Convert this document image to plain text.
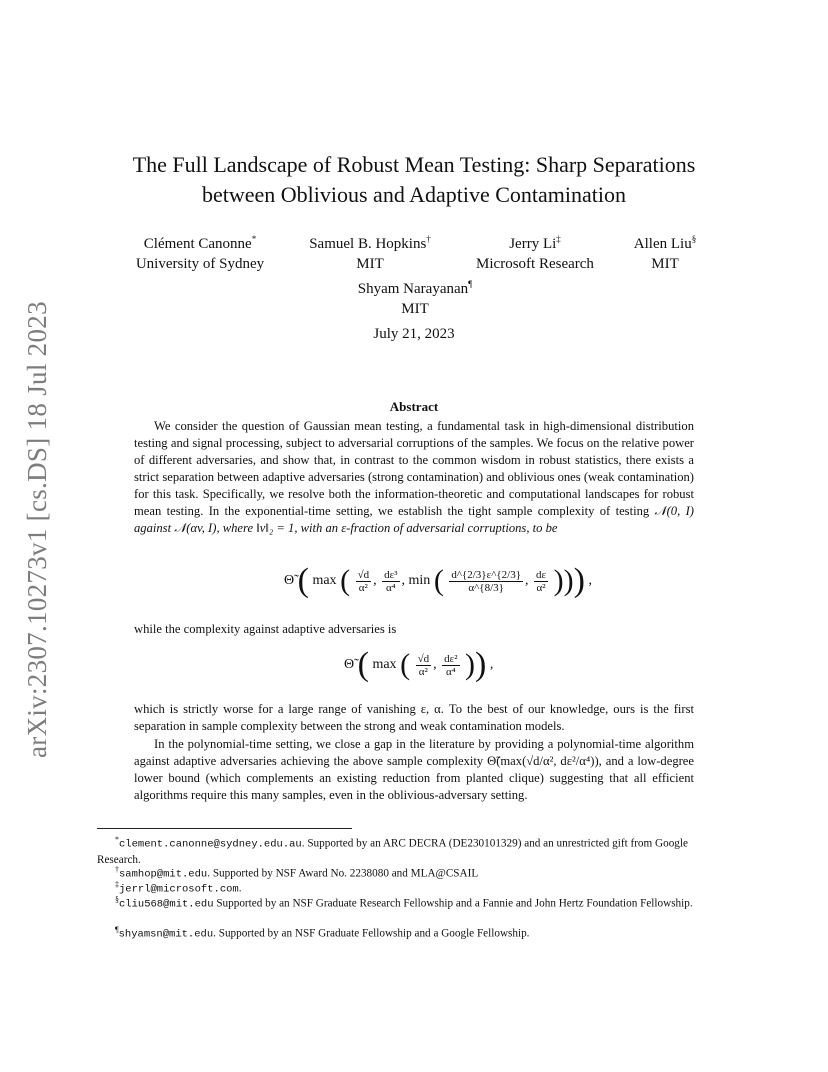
arXiv:2307.10273v1 [cs.DS] 18 Jul 2023
The Full Landscape of Robust Mean Testing: Sharp Separations
between Oblivious and Adaptive Contamination
Clément Canonne*
University of Sydney
Samuel B. Hopkins†
MIT
Jerry Li‡
Microsoft Research
Allen Liu§
MIT
Shyam Narayanan¶
MIT
July 21, 2023
Abstract
We consider the question of Gaussian mean testing, a fundamental task in high-dimensional distribution testing and signal processing, subject to adversarial corruptions of the samples. We focus on the relative power of different adversaries, and show that, in contrast to the common wisdom in robust statistics, there exists a strict separation between adaptive adversaries (strong contamination) and oblivious ones (weak contamination) for this task. Specifically, we resolve both the information-theoretic and computational landscapes for robust mean testing. In the exponential-time setting, we establish the tight sample complexity of testing 𝒩(0, I) against 𝒩(αv, I), where ‖v‖₂ = 1, with an ε-fraction of adversarial corruptions, to be
Θ̃ ( max ( $\frac{√d}{\text{α²}}$ , $\frac{\text{dε³}}{\text{α⁴}}$ , min ( $\frac{d\^{}\{2/3\}\varepsilon\^{}\{2/3\}}{\alpha\^{}\{8/3\}}$ , $\frac{d\varepsilon}{\text{α²}}$ ))) ,
while the complexity against adaptive adversaries is
Θ̃ ( max ( $\frac{√d}{\text{α²}}$ , $\frac{\text{dε²}}{\text{α⁴}}$ )) ,
which is strictly worse for a large range of vanishing ε, α. To the best of our knowledge, ours is the first separation in sample complexity between the strong and weak contamination models.
In the polynomial-time setting, we close a gap in the literature by providing a polynomial-time algorithm against adaptive adversaries achieving the above sample complexity Θ̃(max(√d/α², dε²/α⁴)), and a low-degree lower bound (which complements an existing reduction from planted clique) suggesting that all efficient algorithms require this many samples, even in the oblivious-adversary setting.
*clement.canonne@sydney.edu.au. Supported by an ARC DECRA (DE230101329) and an unrestricted gift from Google Research.
†samhop@mit.edu. Supported by NSF Award No. 2238080 and MLA@CSAIL
‡jerrl@microsoft.com.
§cliu568@mit.edu Supported by an NSF Graduate Research Fellowship and a Fannie and John Hertz Foundation Fellowship.
¶shyamsn@mit.edu. Supported by an NSF Graduate Fellowship and a Google Fellowship.
